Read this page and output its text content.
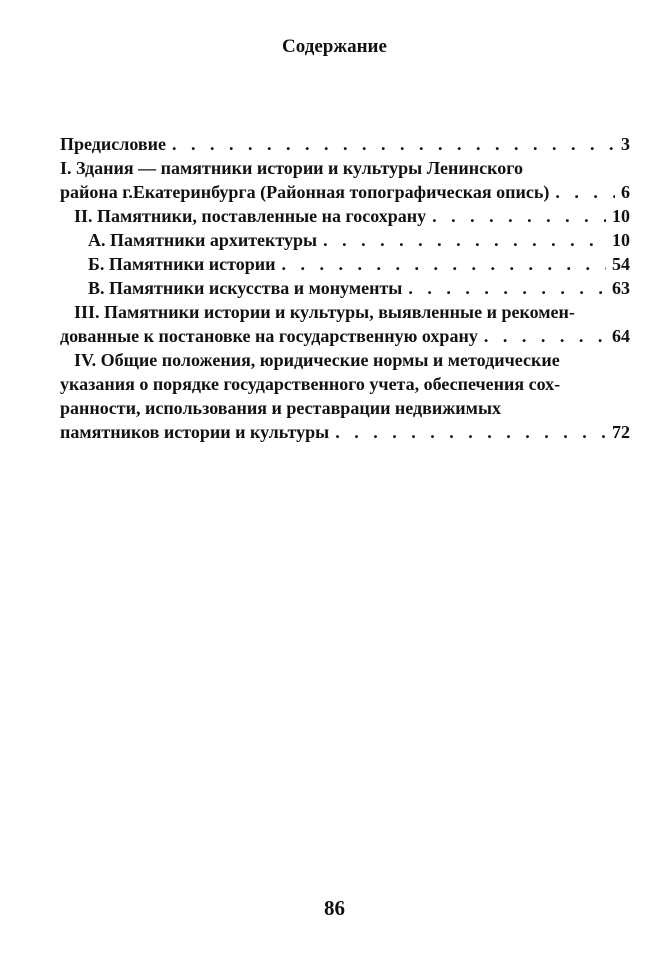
Содержание
Предисловие . . .	3
I. Здания — памятники истории и культуры Ленинского
района г.Екатеринбурга (Районная топографическая опись) . . .	6
II. Памятники, поставленные на госохрану . . .	10
А. Памятники архитектуры . . .	10
Б. Памятники истории . . .	54
В. Памятники искусства и монументы . . .	63
III. Памятники истории и культуры, выявленные и рекомен-
дованные к постановке на государственную охрану . . .	64
IV. Общие положения, юридические нормы и методические
указания о порядке государственного учета, обеспечения сох-
ранности, использования и реставрации недвижимых
памятников истории и культуры . . .	72
86
